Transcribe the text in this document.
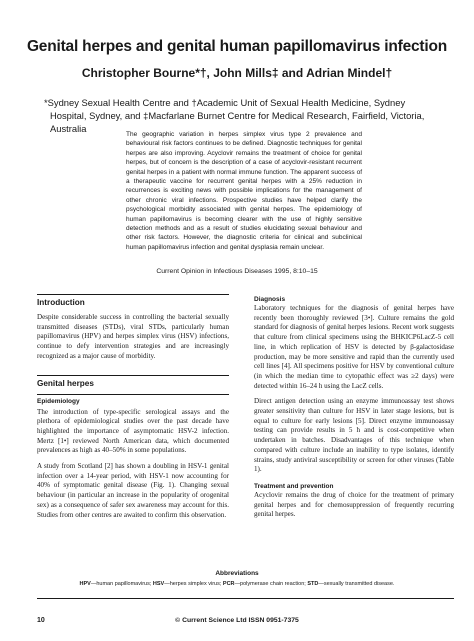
Genital herpes and genital human papillomavirus infection
Christopher Bourne*†, John Mills‡ and Adrian Mindel†
*Sydney Sexual Health Centre and †Academic Unit of Sexual Health Medicine, Sydney Hospital, Sydney, and ‡Macfarlane Burnet Centre for Medical Research, Fairfield, Victoria, Australia
The geographic variation in herpes simplex virus type 2 prevalence and behavioural risk factors continues to be defined. Diagnostic techniques for genital herpes are also improving. Acyclovir remains the treatment of choice for genital herpes, but of concern is the description of a case of acyclovir-resistant recurrent genital herpes in a patient with normal immune function. The apparent success of a therapeutic vaccine for recurrent genital herpes with a 25% reduction in recurrences is exciting news with possible implications for the management of other chronic viral infections. Prospective studies have helped clarify the psychological morbidity associated with genital herpes. The epidemiology of human papillomavirus is becoming clearer with the use of highly sensitive detection methods and as a result of studies elucidating sexual behaviour and other risk factors. However, the diagnostic criteria for clinical and subclinical human papillomavirus infection and genital dysplasia remain unclear.
Current Opinion in Infectious Diseases 1995, 8:10–15
Introduction

Despite considerable success in controlling the bacterial sexually transmitted diseases (STDs), viral STDs, particularly human papillomavirus (HPV) and herpes simplex virus (HSV) infections, continue to defy intervention strategies and are increasingly recognized as a major cause of morbidity.

Genital herpes
Epidemiology

The introduction of type-specific serological assays and the plethora of epidemiological studies over the past decade have highlighted the importance of asymptomatic HSV-2 infection. Mertz [1•] reviewed North American data, which documented prevalences as high as 40–50% in some populations.

A study from Scotland [2] has shown a doubling in HSV-1 genital infection over a 14-year period, with HSV-1 now accounting for 40% of symptomatic genital disease (Fig. 1). Changing sexual behaviour (in particular an increase in the popularity of orogenital sex) as a consequence of safer sex awareness may account for this. Studies from other centres are awaited to confirm this observation.

Diagnosis

Laboratory techniques for the diagnosis of genital herpes have recently been thoroughly reviewed [3•]. Culture remains the gold standard for diagnosis of genital herpes lesions. Recent work suggests that culture from clinical specimens using the BHKICP6LacZ-5 cell line, in which replication of HSV is detected by β-galactosidase production, may be more sensitive and rapid than the currently used cell lines [4]. All specimens positive for HSV by conventional culture (in which the median time to cytopathic effect was ≥2 days) were detected within 16–24 h using the LacZ cells.

Direct antigen detection using an enzyme immunoassay test shows greater sensitivity than culture for HSV in later stage lesions, but is equal to culture for early lesions [5]. Direct enzyme immunoassay testing can provide results in 5 h and is cost-competitive when undertaken in batches. Disadvantages of this technique when compared with culture include an inability to type isolates, identify strains, study antiviral susceptibility or screen for other viruses (Table 1).

Treatment and prevention

Acyclovir remains the drug of choice for the treatment of primary genital herpes and for chemosuppression of frequently recurring genital herpes.

Abbreviations
HPV—human papillomavirus; HSV—herpes simplex virus; PCR—polymerase chain reaction; STD—sexually transmitted disease.
10	© Current Science Ltd ISSN 0951-7375
